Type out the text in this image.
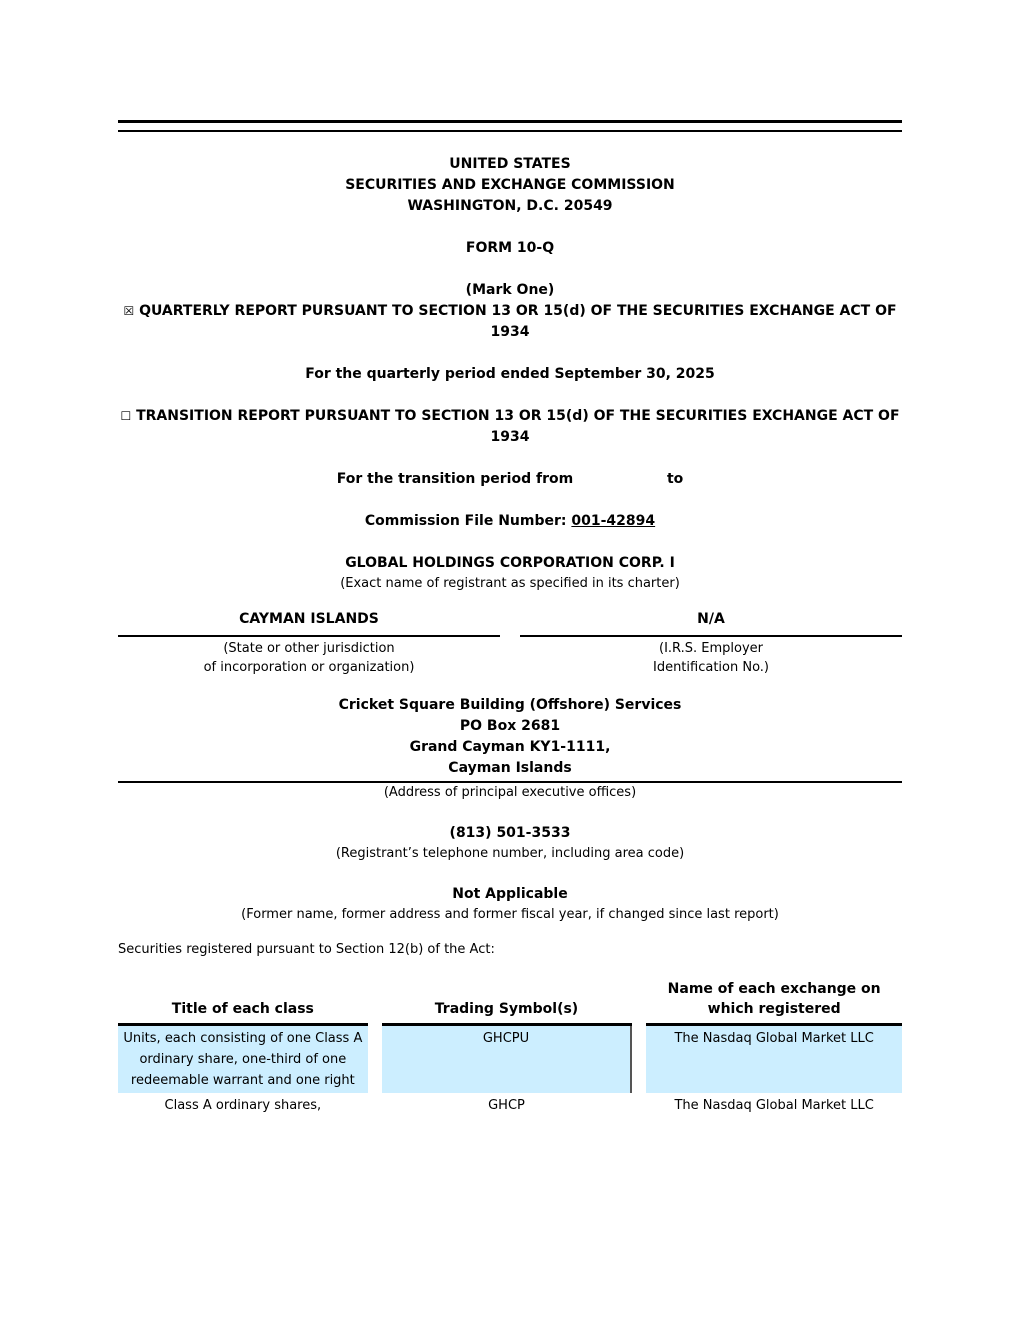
UNITED STATES
SECURITIES AND EXCHANGE COMMISSION
WASHINGTON, D.C. 20549
FORM 10-Q
(Mark One)
☒ QUARTERLY REPORT PURSUANT TO SECTION 13 OR 15(d) OF THE SECURITIES EXCHANGE ACT OF 1934
For the quarterly period ended September 30, 2025
☐ TRANSITION REPORT PURSUANT TO SECTION 13 OR 15(d) OF THE SECURITIES EXCHANGE ACT OF 1934
For the transition period from	to
Commission File Number: 001-42894
GLOBAL HOLDINGS CORPORATION CORP. I
(Exact name of registrant as specified in its charter)
CAYMAN ISLANDS
(State or other jurisdiction
of incorporation or organization)
N/A
(I.R.S. Employer
Identification No.)
Cricket Square Building (Offshore) Services
PO Box 2681
Grand Cayman KY1-1111,
Cayman Islands
(Address of principal executive offices)
(813) 501-3533
(Registrant’s telephone number, including area code)
Not Applicable
(Former name, former address and former fiscal year, if changed since last report)
Securities registered pursuant to Section 12(b) of the Act:
Title of each class		Trading Symbol(s)		Name of each exchange on
which registered

Units, each consisting of one Class A ordinary share, one-third of one redeemable warrant and one right		GHCPU		The Nasdaq Global Market LLC
Class A ordinary shares,		GHCP		The Nasdaq Global Market LLC
